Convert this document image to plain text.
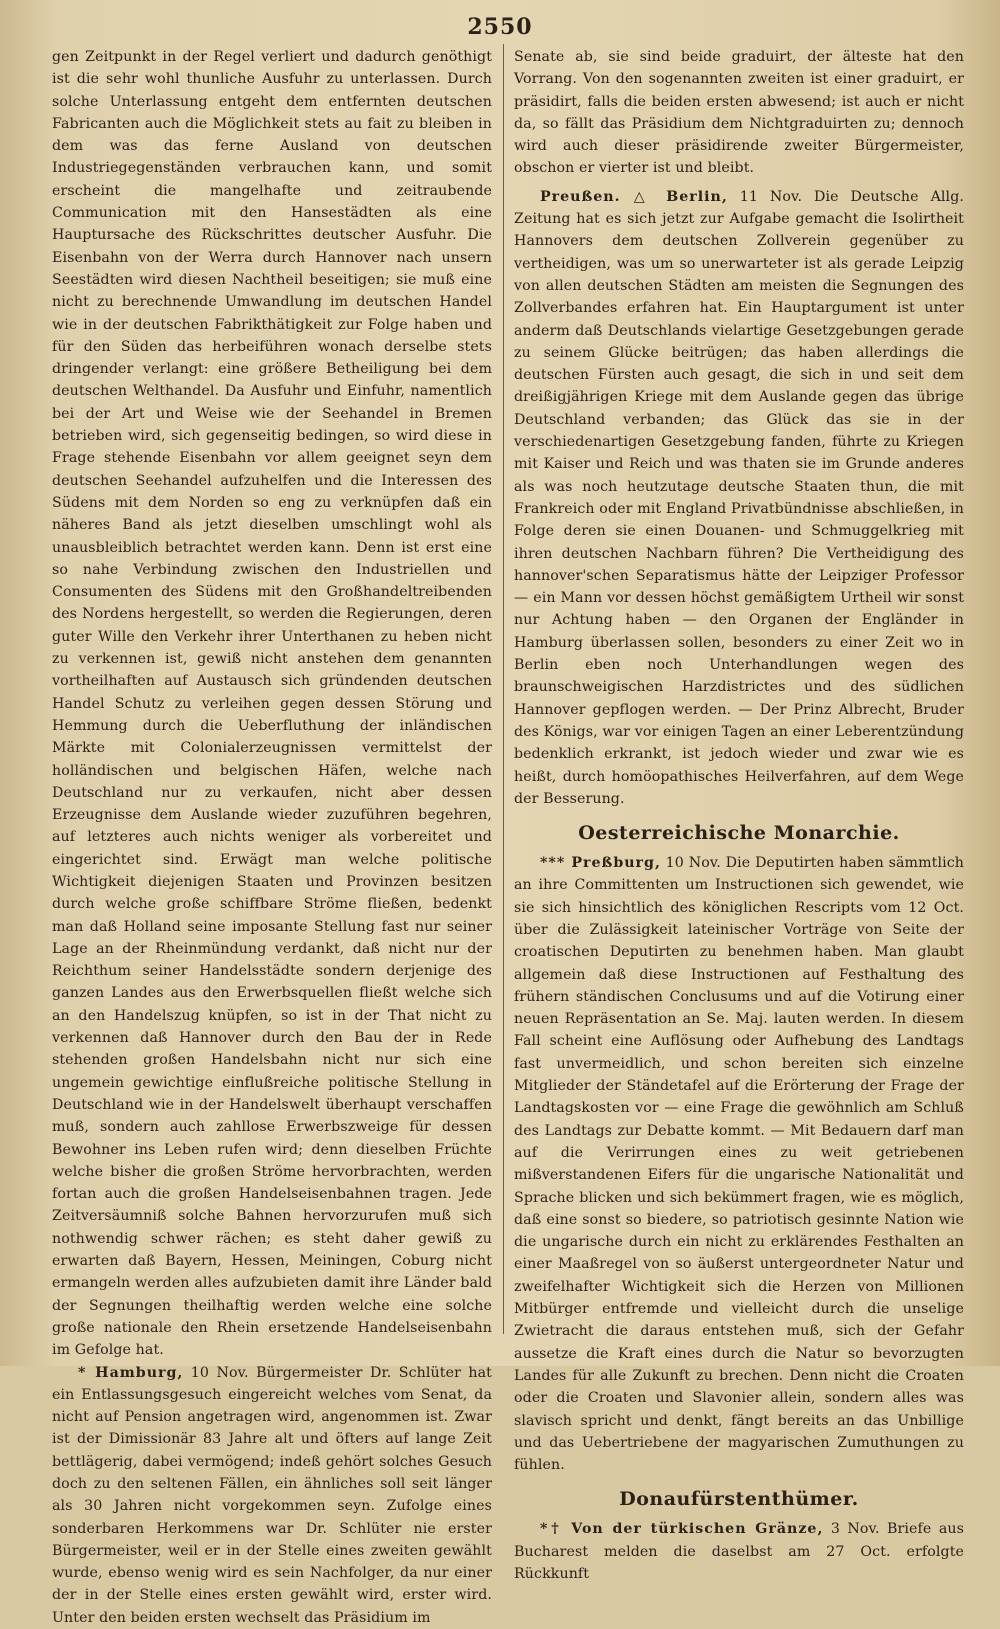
2550

gen Zeitpunkt in der Regel verliert und dadurch genöthigt ist die sehr wohl thunliche Ausfuhr zu unterlassen. Durch solche Unterlassung entgeht dem entfernten deutschen Fabricanten auch die Möglichkeit stets au fait zu bleiben in dem was das ferne Ausland von deutschen Industriegegenständen verbrauchen kann, und somit erscheint die mangelhafte und zeitraubende Communication mit den Hansestädten als eine Hauptursache des Rückschrittes deutscher Ausfuhr. Die Eisenbahn von der Werra durch Hannover nach unsern Seestädten wird diesen Nachtheil beseitigen; sie muß eine nicht zu berechnende Umwandlung im deutschen Handel wie in der deutschen Fabrikthätigkeit zur Folge haben und für den Süden das herbeiführen wonach derselbe stets dringender verlangt: eine größere Betheiligung bei dem deutschen Welthandel. Da Ausfuhr und Einfuhr, namentlich bei der Art und Weise wie der Seehandel in Bremen betrieben wird, sich gegenseitig bedingen, so wird diese in Frage stehende Eisenbahn vor allem geeignet seyn dem deutschen Seehandel aufzuhelfen und die Interessen des Südens mit dem Norden so eng zu verknüpfen daß ein näheres Band als jetzt dieselben umschlingt wohl als unausbleiblich betrachtet werden kann. Denn ist erst eine so nahe Verbindung zwischen den Industriellen und Consumenten des Südens mit den Großhandeltreibenden des Nordens hergestellt, so werden die Regierungen, deren guter Wille den Verkehr ihrer Unterthanen zu heben nicht zu verkennen ist, gewiß nicht anstehen dem genannten vortheilhaften auf Austausch sich gründenden deutschen Handel Schutz zu verleihen gegen dessen Störung und Hemmung durch die Ueberfluthung der inländischen Märkte mit Colonialerzeugnissen vermittelst der holländischen und belgischen Häfen, welche nach Deutschland nur zu verkaufen, nicht aber dessen Erzeugnisse dem Auslande wieder zuzuführen begehren, auf letzteres auch nichts weniger als vorbereitet und eingerichtet sind. Erwägt man welche politische Wichtigkeit diejenigen Staaten und Provinzen besitzen durch welche große schiffbare Ströme fließen, bedenkt man daß Holland seine imposante Stellung fast nur seiner Lage an der Rheinmündung verdankt, daß nicht nur der Reichthum seiner Handelsstädte sondern derjenige des ganzen Landes aus den Erwerbsquellen fließt welche sich an den Handelszug knüpfen, so ist in der That nicht zu verkennen daß Hannover durch den Bau der in Rede stehenden großen Handelsbahn nicht nur sich eine ungemein gewichtige einflußreiche politische Stellung in Deutschland wie in der Handelswelt überhaupt verschaffen muß, sondern auch zahllose Erwerbszweige für dessen Bewohner ins Leben rufen wird; denn dieselben Früchte welche bisher die großen Ströme hervorbrachten, werden fortan auch die großen Handelseisenbahnen tragen. Jede Zeitversäumniß solche Bahnen hervorzurufen muß sich nothwendig schwer rächen; es steht daher gewiß zu erwarten daß Bayern, Hessen, Meiningen, Coburg nicht ermangeln werden alles aufzubieten damit ihre Länder bald der Segnungen theilhaftig werden welche eine solche große nationale den Rhein ersetzende Handelseisenbahn im Gefolge hat.

* Hamburg, 10 Nov. Bürgermeister Dr. Schlüter hat ein Entlassungsgesuch eingereicht welches vom Senat, da nicht auf Pension angetragen wird, angenommen ist. Zwar ist der Dimissionär 83 Jahre alt und öfters auf lange Zeit bettlägerig, dabei vermögend; indeß gehört solches Gesuch doch zu den seltenen Fällen, ein ähnliches soll seit länger als 30 Jahren nicht vorgekommen seyn. Zufolge eines sonderbaren Herkommens war Dr. Schlüter nie erster Bürgermeister, weil er in der Stelle eines zweiten gewählt wurde, ebenso wenig wird es sein Nachfolger, da nur einer der in der Stelle eines ersten gewählt wird, erster wird. Unter den beiden ersten wechselt das Präsidium im

Senate ab, sie sind beide graduirt, der älteste hat den Vorrang. Von den sogenannten zweiten ist einer graduirt, er präsidirt, falls die beiden ersten abwesend; ist auch er nicht da, so fällt das Präsidium dem Nichtgraduirten zu; dennoch wird auch dieser präsidirende zweiter Bürgermeister, obschon er vierter ist und bleibt.

Preußen. △ Berlin, 11 Nov. Die Deutsche Allg. Zeitung hat es sich jetzt zur Aufgabe gemacht die Isolirtheit Hannovers dem deutschen Zollverein gegenüber zu vertheidigen, was um so unerwarteter ist als gerade Leipzig von allen deutschen Städten am meisten die Segnungen des Zollverbandes erfahren hat. Ein Hauptargument ist unter anderm daß Deutschlands vielartige Gesetzgebungen gerade zu seinem Glücke beitrügen; das haben allerdings die deutschen Fürsten auch gesagt, die sich in und seit dem dreißigjährigen Kriege mit dem Auslande gegen das übrige Deutschland verbanden; das Glück das sie in der verschiedenartigen Gesetzgebung fanden, führte zu Kriegen mit Kaiser und Reich und was thaten sie im Grunde anderes als was noch heutzutage deutsche Staaten thun, die mit Frankreich oder mit England Privatbündnisse abschließen, in Folge deren sie einen Douanen- und Schmuggelkrieg mit ihren deutschen Nachbarn führen? Die Vertheidigung des hannover'schen Separatismus hätte der Leipziger Professor — ein Mann vor dessen höchst gemäßigtem Urtheil wir sonst nur Achtung haben — den Organen der Engländer in Hamburg überlassen sollen, besonders zu einer Zeit wo in Berlin eben noch Unterhandlungen wegen des braunschweigischen Harzdistrictes und des südlichen Hannover gepflogen werden. — Der Prinz Albrecht, Bruder des Königs, war vor einigen Tagen an einer Leberentzündung bedenklich erkrankt, ist jedoch wieder und zwar wie es heißt, durch homöopathisches Heilverfahren, auf dem Wege der Besserung.

Oesterreichische Monarchie.

*** Preßburg, 10 Nov. Die Deputirten haben sämmtlich an ihre Committenten um Instructionen sich gewendet, wie sie sich hinsichtlich des königlichen Rescripts vom 12 Oct. über die Zulässigkeit lateinischer Vorträge von Seite der croatischen Deputirten zu benehmen haben. Man glaubt allgemein daß diese Instructionen auf Festhaltung des frühern ständischen Conclusums und auf die Votirung einer neuen Repräsentation an Se. Maj. lauten werden. In diesem Fall scheint eine Auflösung oder Aufhebung des Landtags fast unvermeidlich, und schon bereiten sich einzelne Mitglieder der Ständetafel auf die Erörterung der Frage der Landtagskosten vor — eine Frage die gewöhnlich am Schluß des Landtags zur Debatte kommt. — Mit Bedauern darf man auf die Verirrungen eines zu weit getriebenen mißverstandenen Eifers für die ungarische Nationalität und Sprache blicken und sich bekümmert fragen, wie es möglich, daß eine sonst so biedere, so patriotisch gesinnte Nation wie die ungarische durch ein nicht zu erklärendes Festhalten an einer Maaßregel von so äußerst untergeordneter Natur und zweifelhafter Wichtigkeit sich die Herzen von Millionen Mitbürger entfremde und vielleicht durch die unselige Zwietracht die daraus entstehen muß, sich der Gefahr aussetze die Kraft eines durch die Natur so bevorzugten Landes für alle Zukunft zu brechen. Denn nicht die Croaten oder die Croaten und Slavonier allein, sondern alles was slavisch spricht und denkt, fängt bereits an das Unbillige und das Uebertriebene der magyarischen Zumuthungen zu fühlen.

Donaufürstenthümer.

*† Von der türkischen Gränze, 3 Nov. Briefe aus Bucharest melden die daselbst am 27 Oct. erfolgte Rückkunft
